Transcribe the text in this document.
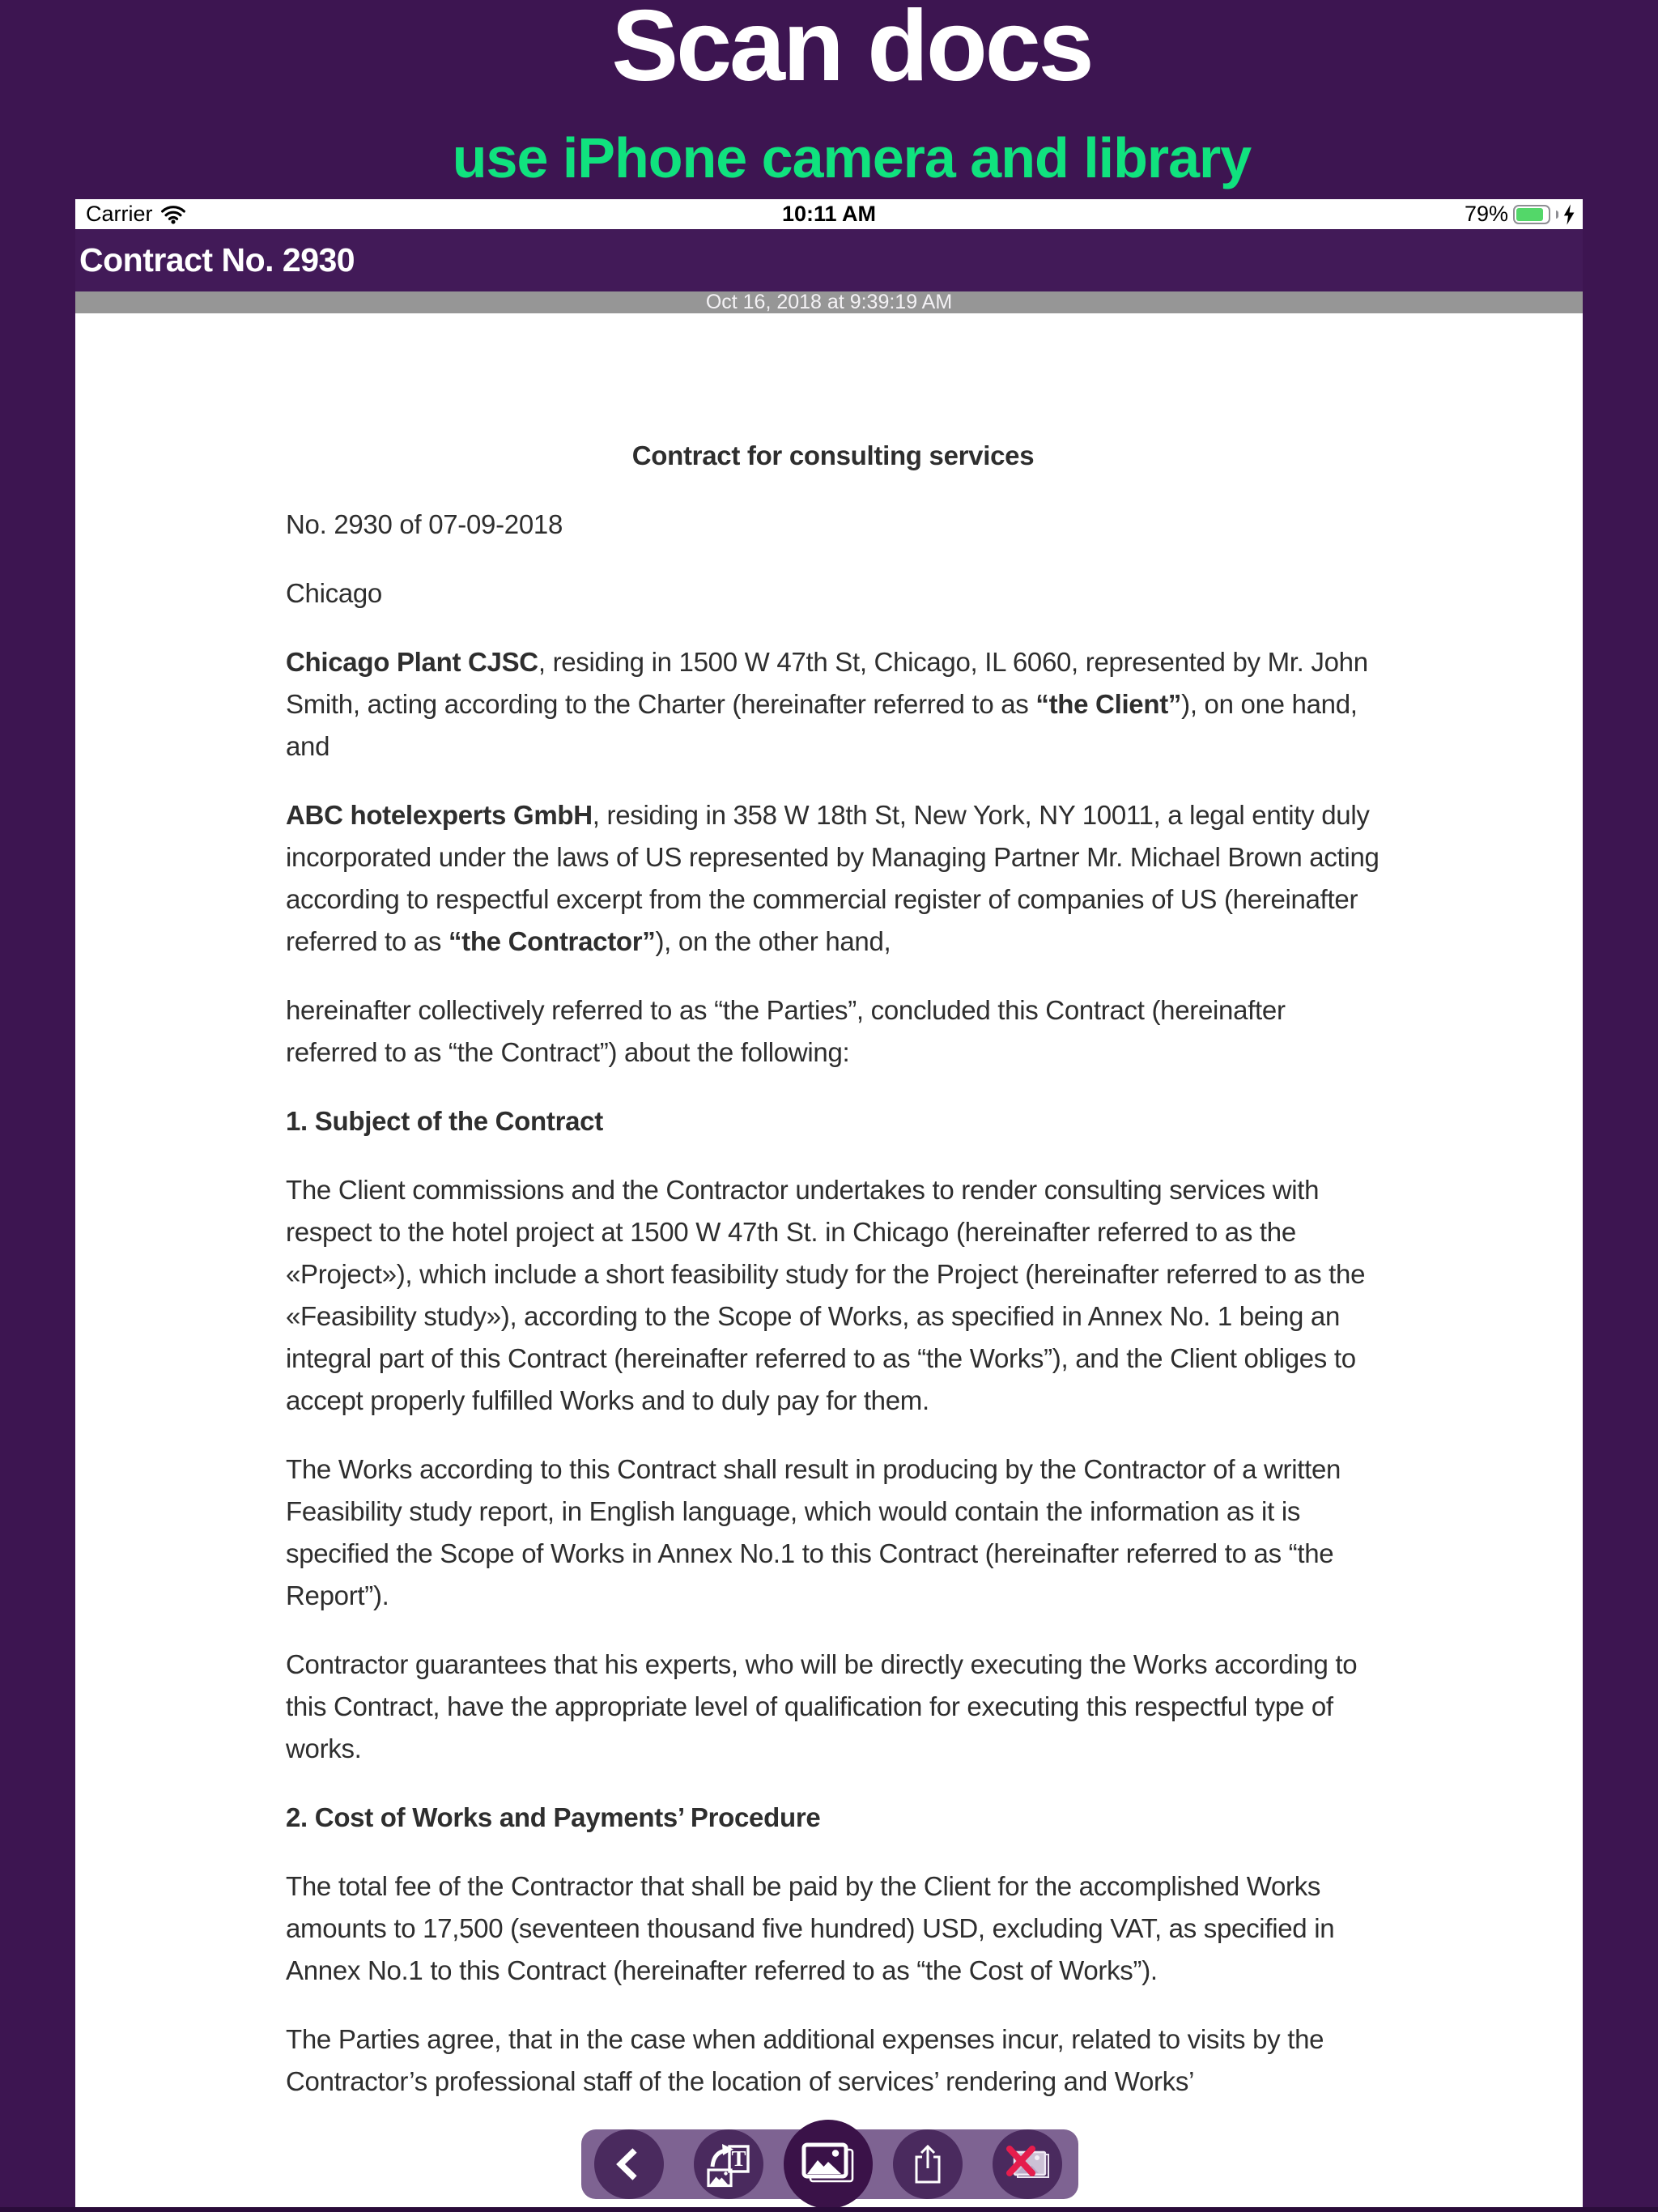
Scan docs
use iPhone camera and library
Carrier	10:11 AM	79%
Contract No. 2930
Oct 16, 2018 at 9:39:19 AM

Contract for consulting services

No. 2930 of 07-09-2018

Chicago

Chicago Plant CJSC, residing in 1500 W 47th St, Chicago, IL 6060, represented by Mr. John Smith, acting according to the Charter (hereinafter referred to as “the Client”), on one hand, and

ABC hotelexperts GmbH, residing in 358 W 18th St, New York, NY 10011, a legal entity duly incorporated under the laws of US represented by Managing Partner Mr. Michael Brown acting according to respectful excerpt from the commercial register of companies of US (hereinafter referred to as “the Contractor”), on the other hand,

hereinafter collectively referred to as “the Parties”, concluded this Contract (hereinafter referred to as “the Contract”) about the following:

1. Subject of the Contract

The Client commissions and the Contractor undertakes to render consulting services with respect to the hotel project at 1500 W 47th St. in Chicago (hereinafter referred to as the «Project»), which include a short feasibility study for the Project (hereinafter referred to as the «Feasibility study»), according to the Scope of Works, as specified in Annex No. 1 being an integral part of this Contract (hereinafter referred to as “the Works”), and the Client obliges to accept properly fulfilled Works and to duly pay for them.

The Works according to this Contract shall result in producing by the Contractor of a written Feasibility study report, in English language, which would contain the information as it is specified the Scope of Works in Annex No.1 to this Contract (hereinafter referred to as “the Report”).

Contractor guarantees that his experts, who will be directly executing the Works according to this Contract, have the appropriate level of qualification for executing this respectful type of works.

2. Cost of Works and Payments’ Procedure

The total fee of the Contractor that shall be paid by the Client for the accomplished Works amounts to 17,500 (seventeen thousand five hundred) USD, excluding VAT, as specified in Annex No.1 to this Contract (hereinafter referred to as “the Cost of Works”).

The Parties agree, that in the case when additional expenses incur, related to visits by the Contractor’s professional staff of the location of services’ rendering and Works’

T
